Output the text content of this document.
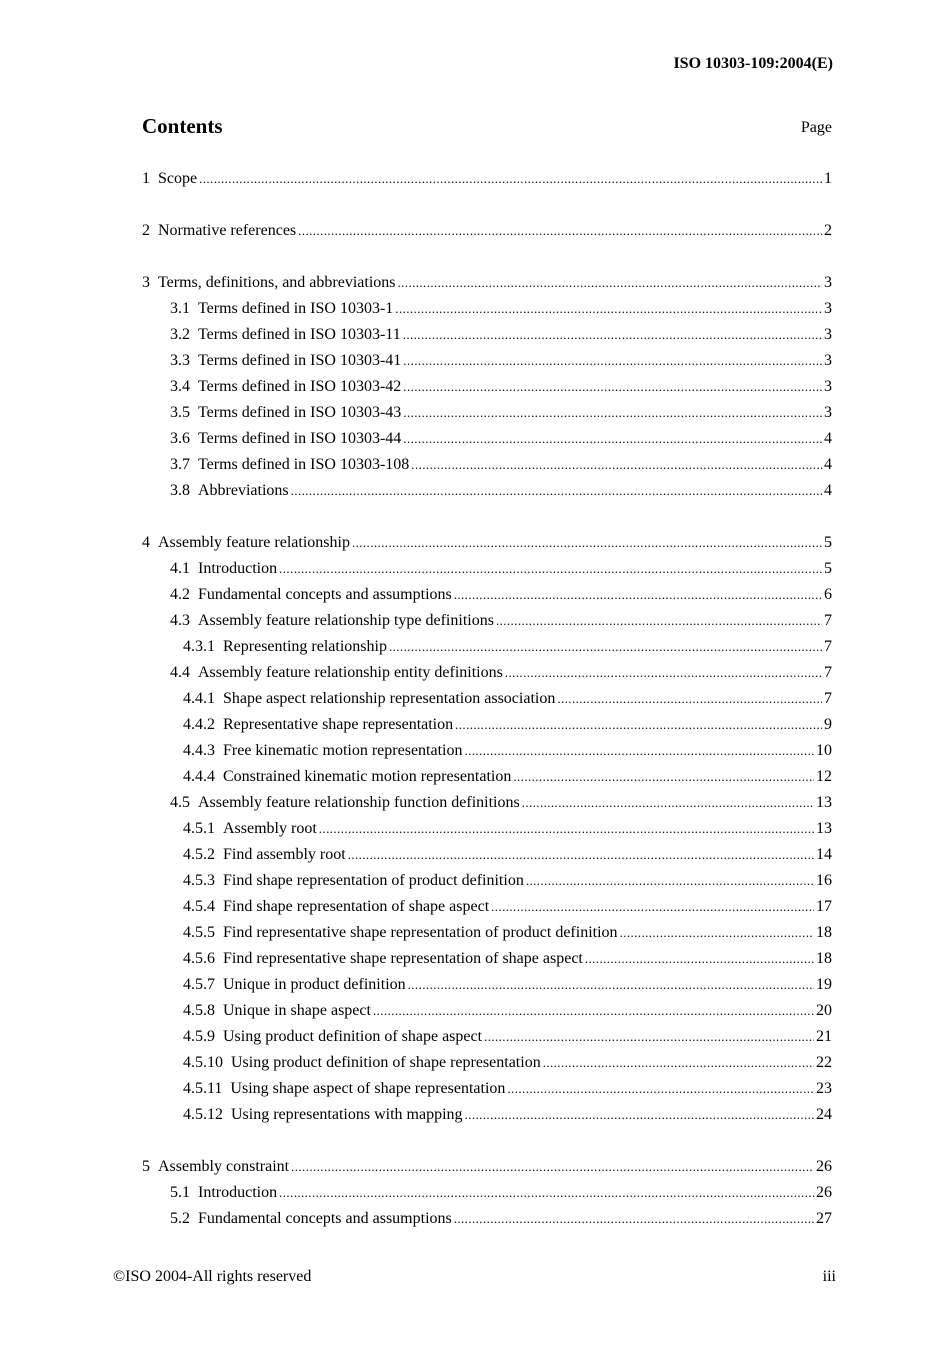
ISO 10303-109:2004(E)
Contents	Page
1 Scope .....	1
2 Normative references .....	2
3 Terms, definitions, and abbreviations .....	3
3.1 Terms defined in ISO 10303-1 .....	3
3.2 Terms defined in ISO 10303-11 .....	3
3.3 Terms defined in ISO 10303-41 .....	3
3.4 Terms defined in ISO 10303-42 .....	3
3.5 Terms defined in ISO 10303-43 .....	3
3.6 Terms defined in ISO 10303-44 .....	4
3.7 Terms defined in ISO 10303-108 .....	4
3.8 Abbreviations .....	4
4 Assembly feature relationship .....	5
4.1 Introduction .....	5
4.2 Fundamental concepts and assumptions .....	6
4.3 Assembly feature relationship type definitions .....	7
4.3.1 Representing relationship .....	7
4.4 Assembly feature relationship entity definitions .....	7
4.4.1 Shape aspect relationship representation association .....	7
4.4.2 Representative shape representation .....	9
4.4.3 Free kinematic motion representation .....	10
4.4.4 Constrained kinematic motion representation .....	12
4.5 Assembly feature relationship function definitions .....	13
4.5.1 Assembly root .....	13
4.5.2 Find assembly root .....	14
4.5.3 Find shape representation of product definition .....	16
4.5.4 Find shape representation of shape aspect .....	17
4.5.5 Find representative shape representation of product definition .....	18
4.5.6 Find representative shape representation of shape aspect .....	18
4.5.7 Unique in product definition .....	19
4.5.8 Unique in shape aspect .....	20
4.5.9 Using product definition of shape aspect .....	21
4.5.10 Using product definition of shape representation .....	22
4.5.11 Using shape aspect of shape representation .....	23
4.5.12 Using representations with mapping .....	24
5 Assembly constraint .....	26
5.1 Introduction .....	26
5.2 Fundamental concepts and assumptions .....	27
©ISO 2004-All rights reserved	iii
